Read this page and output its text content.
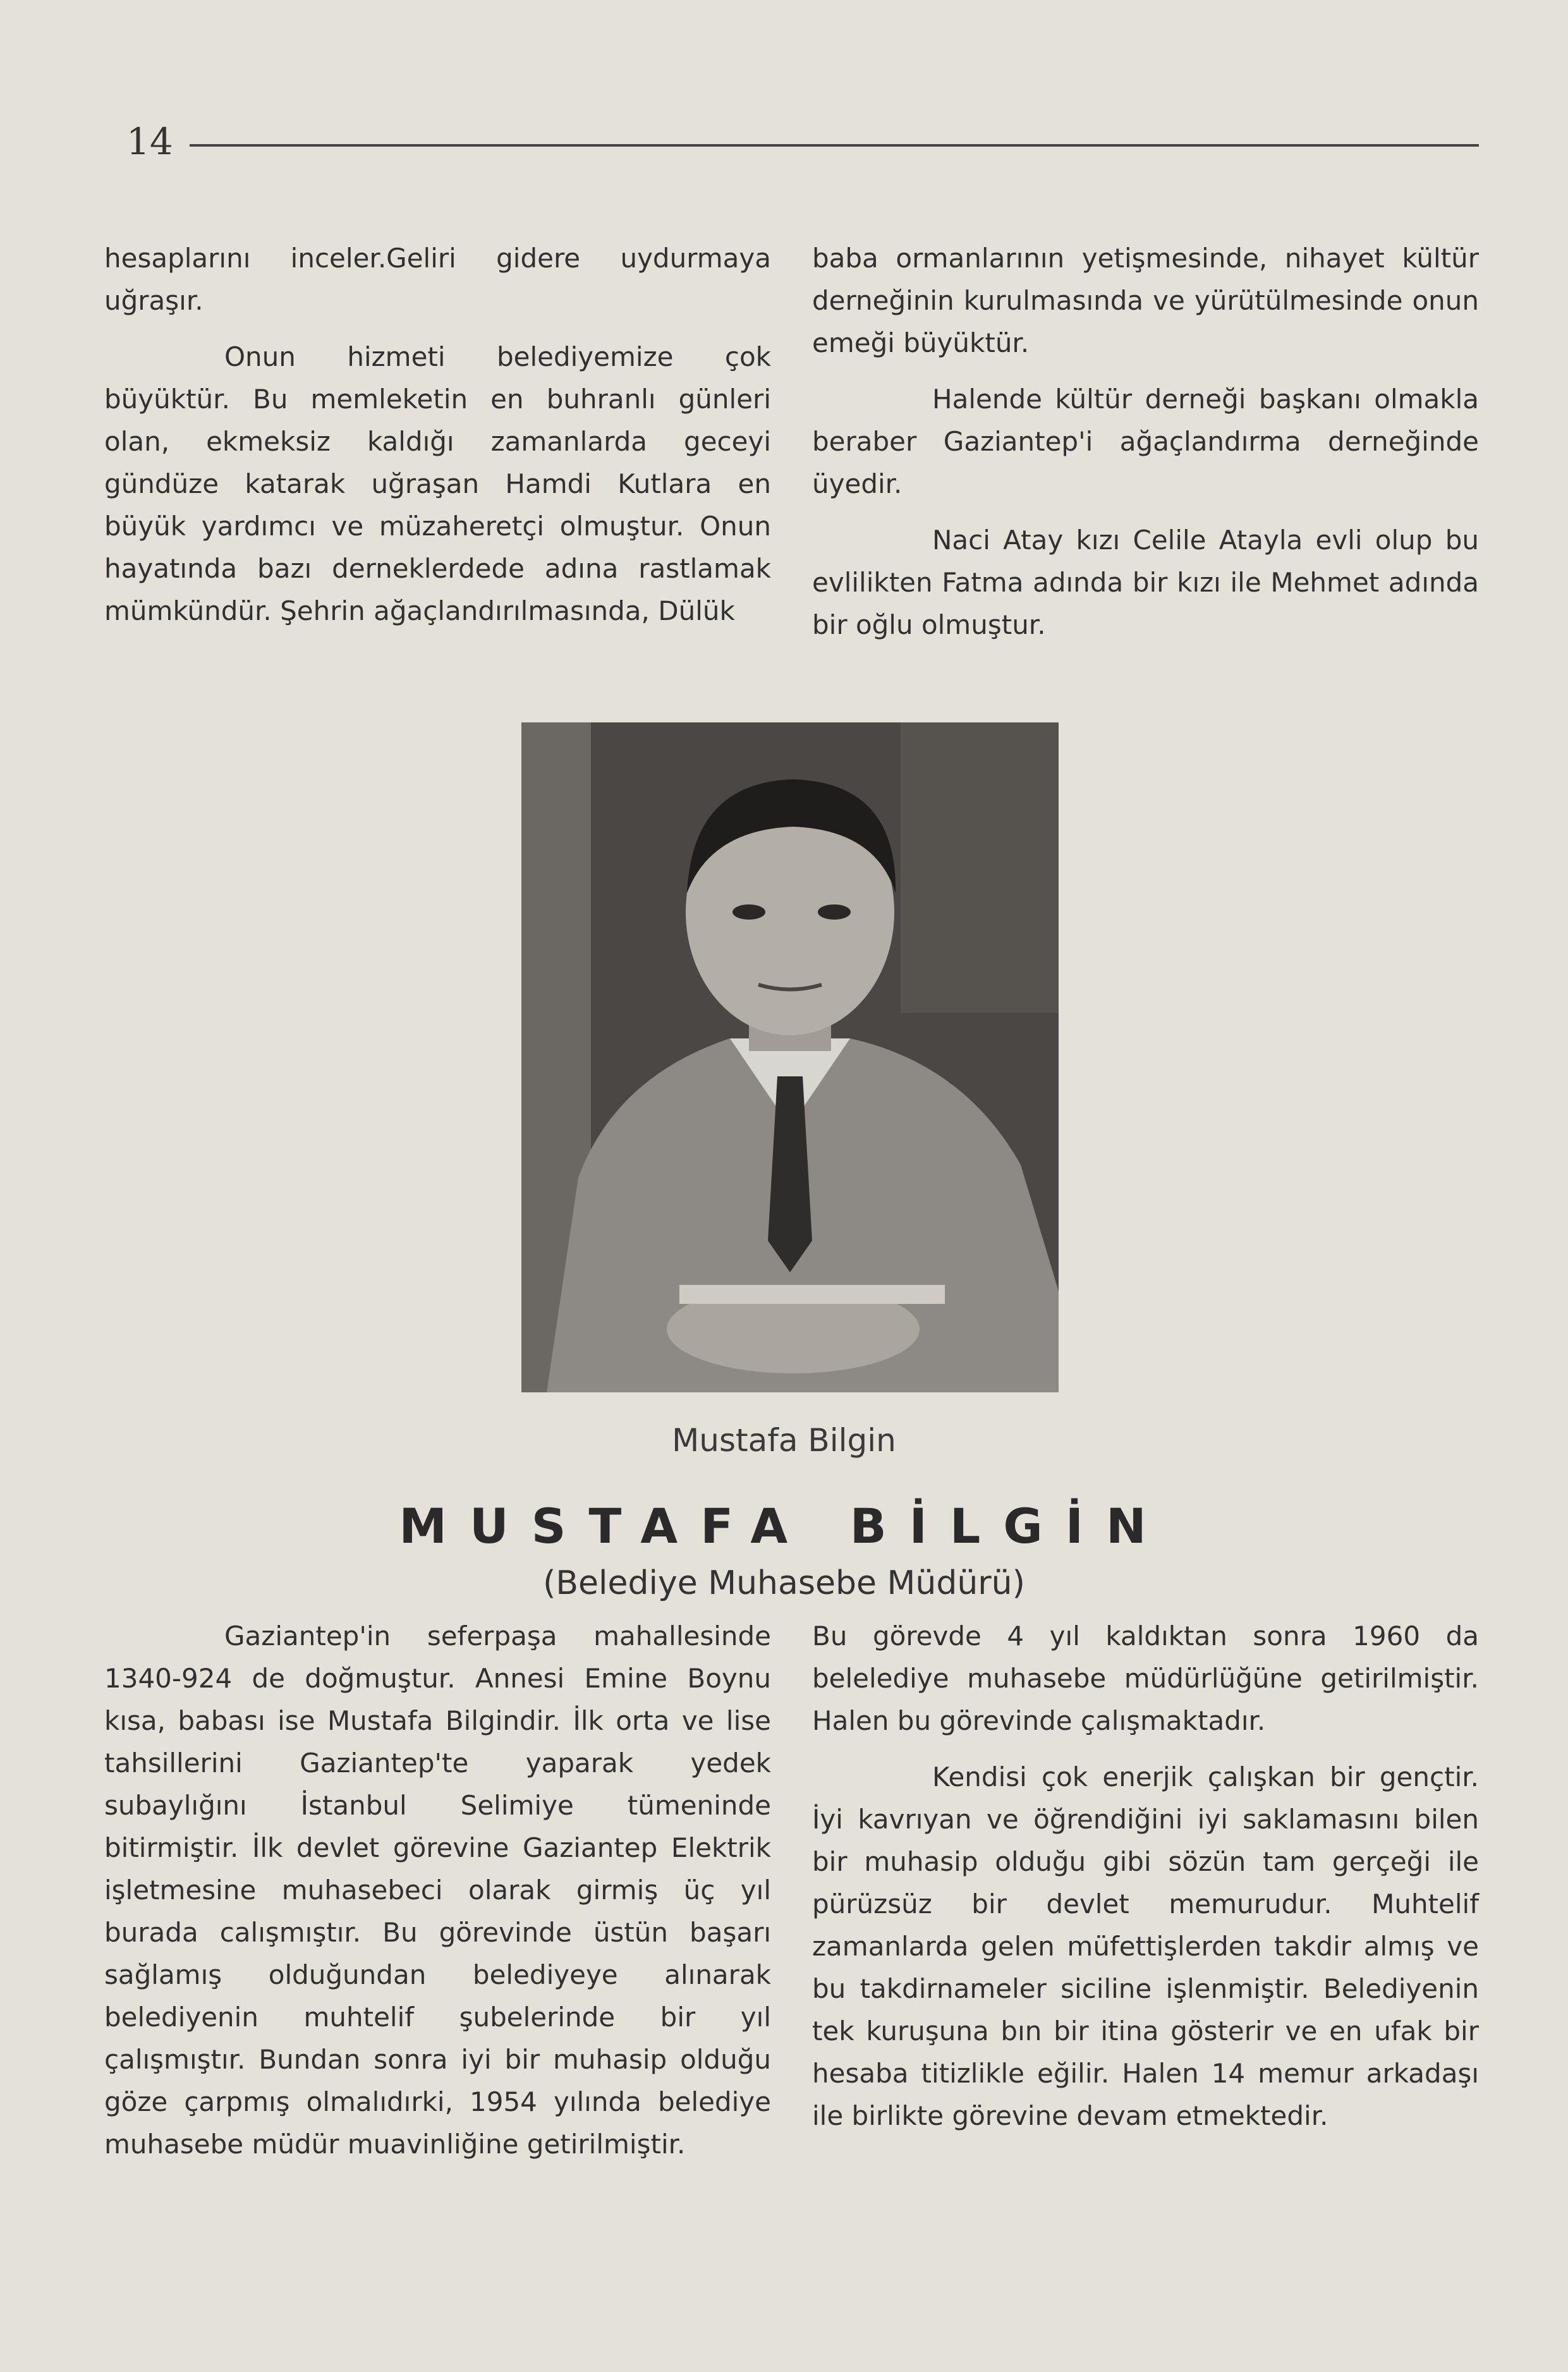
14

hesaplarını inceler.Geliri gidere uydurmaya uğraşır.

Onun hizmeti belediyemize çok büyüktür. Bu memleketin en buhranlı günleri olan, ekmeksiz kaldığı zamanlarda geceyi gündüze katarak uğraşan Hamdi Kutlara en büyük yardımcı ve müzaheretçi olmuştur. Onun hayatında bazı derneklerdede adına rastlamak mümkündür. Şehrin ağaçlandırılmasında, Dülük

baba ormanlarının yetişmesinde, nihayet kültür derneğinin kurulmasında ve yürütülmesinde onun emeği büyüktür.

Halende kültür derneği başkanı olmakla beraber Gaziantep'i ağaçlandırma derneğinde üyedir.

Naci Atay kızı Celile Atayla evli olup bu evlilikten Fatma adında bir kızı ile Mehmet adında bir oğlu olmuştur.

Mustafa Bilgin
MUSTAFA BİLGİN
(Belediye Muhasebe Müdürü)

Gaziantep'in seferpaşa mahallesinde 1340-924 de doğmuştur. Annesi Emine Boynu kısa, babası ise Mustafa Bilgindir. İlk orta ve lise tahsillerini Gaziantep'te yaparak yedek subaylığını İstanbul Selimiye tümeninde bitirmiştir. İlk devlet görevine Gaziantep Elektrik işletmesine muhasebeci olarak girmiş üç yıl burada calışmıştır. Bu görevinde üstün başarı sağlamış olduğundan belediyeye alınarak belediyenin muhtelif şubelerinde bir yıl çalışmıştır. Bundan sonra iyi bir muhasip olduğu göze çarpmış olmalıdırki, 1954 yılında belediye muhasebe müdür muavinliğine getirilmiştir.

Bu görevde 4 yıl kaldıktan sonra 1960 da belelediye muhasebe müdürlüğüne getirilmiştir. Halen bu görevinde çalışmaktadır.

Kendisi çok enerjik çalışkan bir gençtir. İyi kavrıyan ve öğrendiğini iyi saklamasını bilen bir muhasip olduğu gibi sözün tam gerçeği ile pürüzsüz bir devlet memurudur. Muhtelif zamanlarda gelen müfettişlerden takdir almış ve bu takdirnameler siciline işlenmiştir. Belediyenin tek kuruşuna bın bir itina gösterir ve en ufak bir hesaba titizlikle eğilir. Halen 14 memur arkadaşı ile birlikte görevine devam etmektedir.
